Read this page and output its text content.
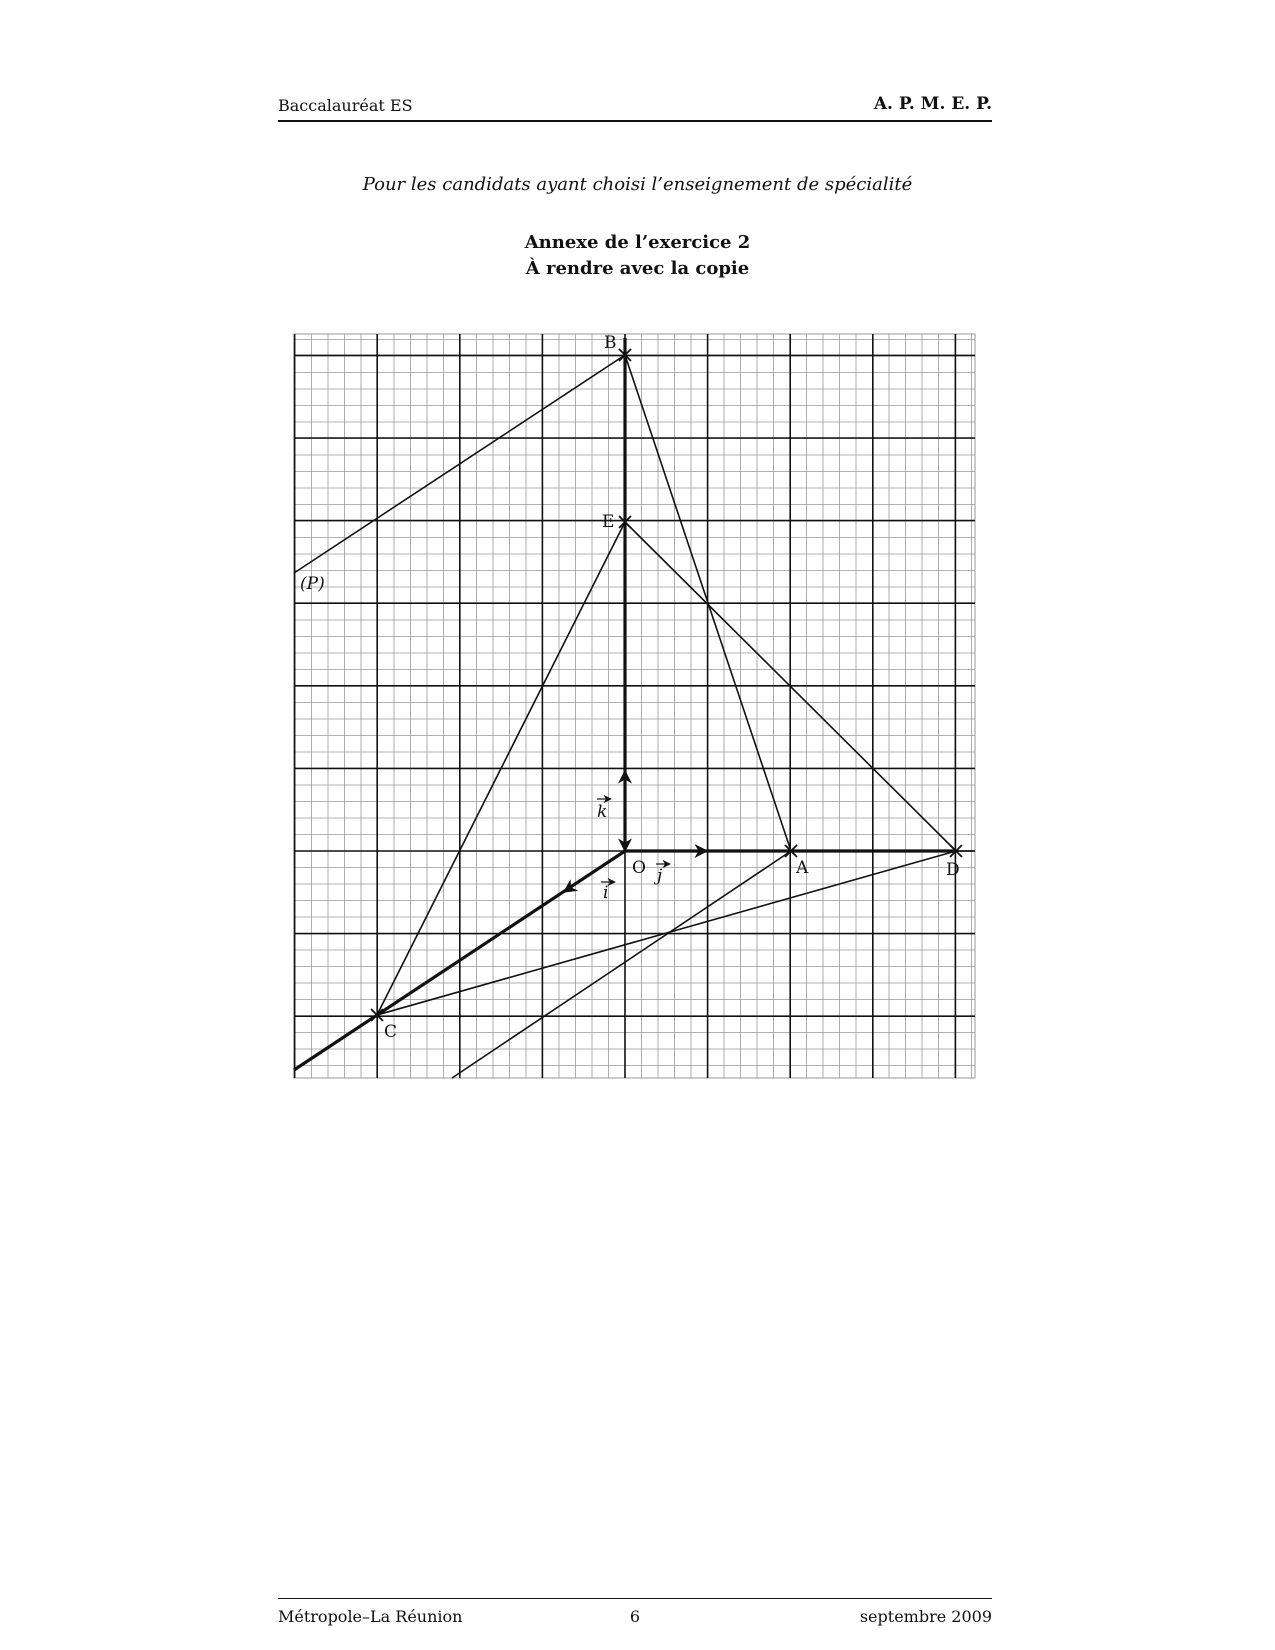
Baccalauréat ES	A. P. M. E. P.
Pour les candidats ayant choisi l’enseignement de spécialité
Annexe de l’exercice 2
À rendre avec la copie
B
E
O	A	D
C
(P)
k
j
i
Métropole–La Réunion	6	septembre 2009
